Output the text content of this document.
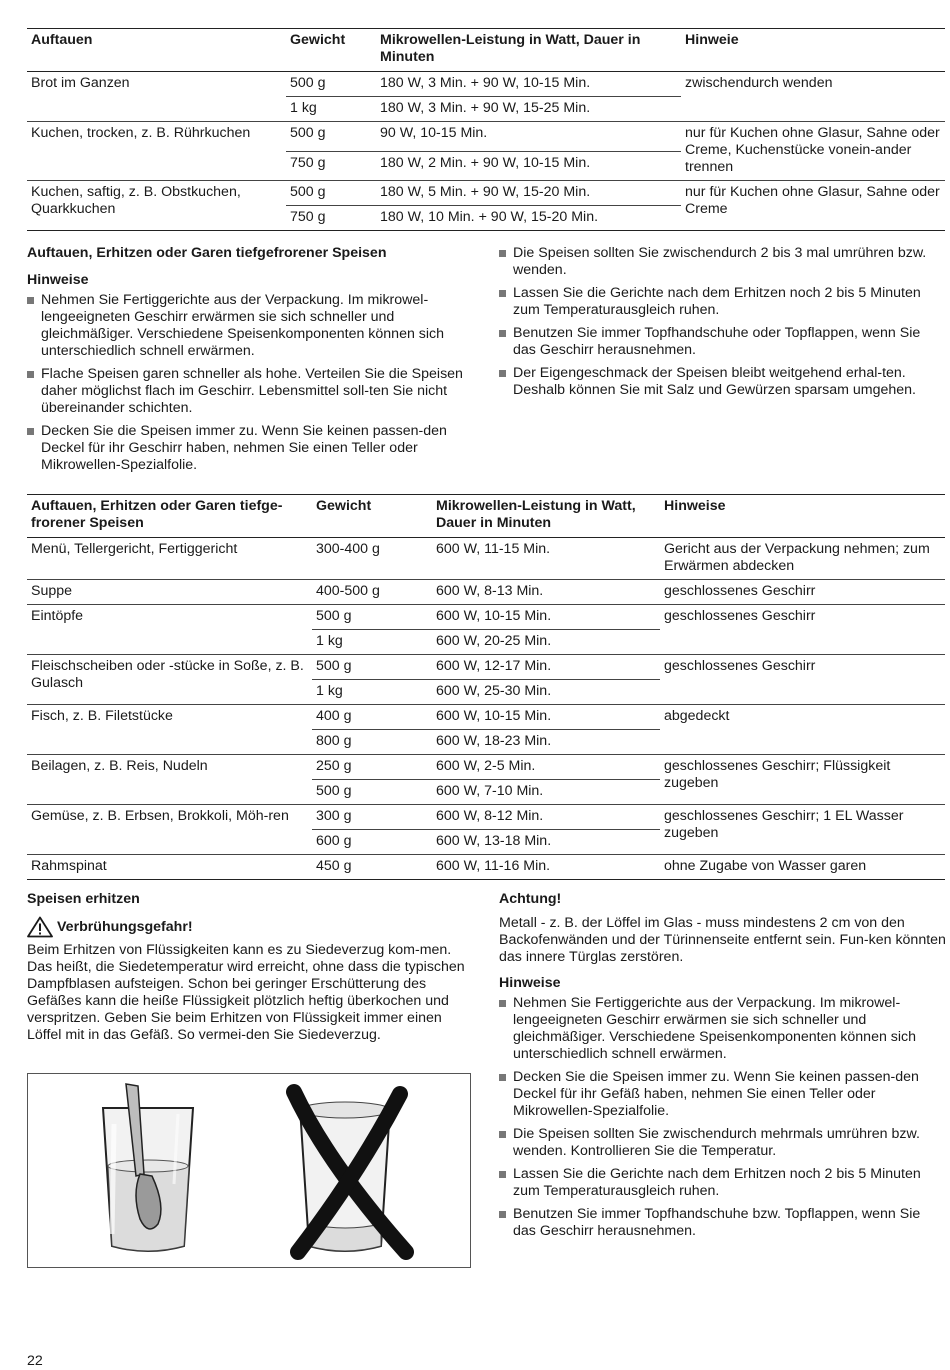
Auftauen	Gewicht	Mikrowellen-Leistung in Watt, Dauer in Minuten	Hinweie
Brot im Ganzen	500 g	180 W, 3 Min. + 90 W, 10-15 Min.	zwischendurch wenden
	1 kg	180 W, 3 Min. + 90 W, 15-25 Min.	
Kuchen, trocken, z. B. Rührkuchen	500 g	90 W, 10-15 Min.	nur für Kuchen ohne Glasur, Sahne oder Creme, Kuchenstücke vonein-ander trennen
	750 g	180 W, 2 Min. + 90 W, 10-15 Min.	
Kuchen, saftig, z. B. Obstkuchen, Quarkkuchen	500 g	180 W, 5 Min. + 90 W, 15-20 Min.	nur für Kuchen ohne Glasur, Sahne oder Creme
	750 g	180 W, 10 Min. + 90 W, 15-20 Min.	
Auftauen, Erhitzen oder Garen tiefgefrorener Speisen
Hinweise
Nehmen Sie Fertiggerichte aus der Verpackung. Im mikrowel-lengeeigneten Geschirr erwärmen sie sich schneller und gleichmäßiger. Verschiedene Speisenkomponenten können sich unterschiedlich schnell erwärmen.
Flache Speisen garen schneller als hohe. Verteilen Sie die Speisen daher möglichst flach im Geschirr. Lebensmittel soll-ten Sie nicht übereinander schichten.
Decken Sie die Speisen immer zu. Wenn Sie keinen passen-den Deckel für ihr Geschirr haben, nehmen Sie einen Teller oder Mikrowellen-Spezialfolie.
Die Speisen sollten Sie zwischendurch 2 bis 3 mal umrühren bzw. wenden.
Lassen Sie die Gerichte nach dem Erhitzen noch 2 bis 5 Minuten zum Temperaturausgleich ruhen.
Benutzen Sie immer Topfhandschuhe oder Topflappen, wenn Sie das Geschirr herausnehmen.
Der Eigengeschmack der Speisen bleibt weitgehend erhal-ten. Deshalb können Sie mit Salz und Gewürzen sparsam umgehen.
Auftauen, Erhitzen oder Garen tiefge-frorener Speisen	Gewicht	Mikrowellen-Leistung in Watt, Dauer in Minuten	Hinweise
Menü, Tellergericht, Fertiggericht	300-400 g	600 W, 11-15 Min.	Gericht aus der Verpackung nehmen; zum Erwärmen abdecken
Suppe	400-500 g	600 W, 8-13 Min.	geschlossenes Geschirr
Eintöpfe	500 g	600 W, 10-15 Min.	geschlossenes Geschirr
	1 kg	600 W, 20-25 Min.	
Fleischscheiben oder -stücke in Soße, z. B. Gulasch	500 g	600 W, 12-17 Min.	geschlossenes Geschirr
	1 kg	600 W, 25-30 Min.	
Fisch, z. B. Filetstücke	400 g	600 W, 10-15 Min.	abgedeckt
	800 g	600 W, 18-23 Min.	
Beilagen, z. B. Reis, Nudeln	250 g	600 W, 2-5 Min.	geschlossenes Geschirr; Flüssigkeit zugeben
	500 g	600 W, 7-10 Min.	
Gemüse, z. B. Erbsen, Brokkoli, Möh-ren	300 g	600 W, 8-12 Min.	geschlossenes Geschirr; 1 EL Wasser zugeben
	600 g	600 W, 13-18 Min.	
Rahmspinat	450 g	600 W, 11-16 Min.	ohne Zugabe von Wasser garen
Speisen erhitzen
Verbrühungsgefahr!

Beim Erhitzen von Flüssigkeiten kann es zu Siedeverzug kom-men. Das heißt, die Siedetemperatur wird erreicht, ohne dass die typischen Dampfblasen aufsteigen. Schon bei geringer Erschütterung des Gefäßes kann die heiße Flüssigkeit plötzlich heftig überkochen und verspritzen. Geben Sie beim Erhitzen von Flüssigkeit immer einen Löffel mit in das Gefäß. So vermei-den Sie Siedeverzug.

Achtung!

Metall - z. B. der Löffel im Glas - muss mindestens 2 cm von den Backofenwänden und der Türinnenseite entfernt sein. Fun-ken könnten das innere Türglas zerstören.

Hinweise
Nehmen Sie Fertiggerichte aus der Verpackung. Im mikrowel-lengeeigneten Geschirr erwärmen sie sich schneller und gleichmäßiger. Verschiedene Speisenkomponenten können sich unterschiedlich schnell erwärmen.
Decken Sie die Speisen immer zu. Wenn Sie keinen passen-den Deckel für ihr Gefäß haben, nehmen Sie einen Teller oder Mikrowellen-Spezialfolie.
Die Speisen sollten Sie zwischendurch mehrmals umrühren bzw. wenden. Kontrollieren Sie die Temperatur.
Lassen Sie die Gerichte nach dem Erhitzen noch 2 bis 5 Minuten zum Temperaturausgleich ruhen.
Benutzen Sie immer Topfhandschuhe bzw. Topflappen, wenn Sie das Geschirr herausnehmen.
22
